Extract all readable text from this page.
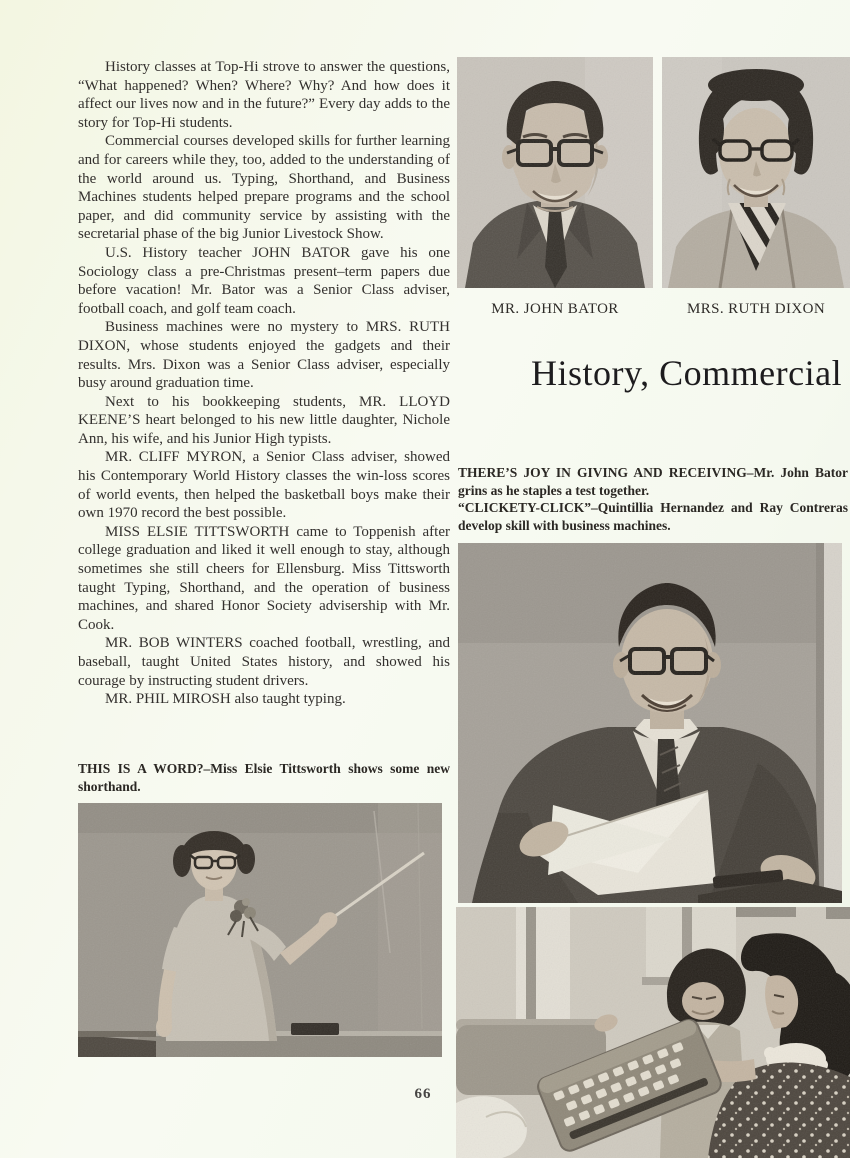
History classes at Top-Hi strove to answer the questions, “What happened? When? Where? Why? And how does it affect our lives now and in the future?” Every day adds to the story for Top-Hi students.

Commercial courses developed skills for further learning and for careers while they, too, added to the understanding of the world around us. Typing, Shorthand, and Business Machines students helped prepare programs and the school paper, and did community service by assisting with the secretarial phase of the big Junior Livestock Show.

U.S. History teacher JOHN BATOR gave his one Sociology class a pre-Christmas present–term papers due before vacation! Mr. Bator was a Senior Class adviser, football coach, and golf team coach.

Business machines were no mystery to MRS. RUTH DIXON, whose students enjoyed the gadgets and their results. Mrs. Dixon was a Senior Class adviser, especially busy around graduation time.

Next to his bookkeeping students, MR. LLOYD KEENE’S heart belonged to his new little daughter, Nichole Ann, his wife, and his Junior High typists.

MR. CLIFF MYRON, a Senior Class adviser, showed his Contemporary World History classes the win-loss scores of world events, then helped the basketball boys make their own 1970 record the best possible.

MISS ELSIE TITTSWORTH came to Toppenish after college graduation and liked it well enough to stay, although sometimes she still cheers for Ellensburg. Miss Tittsworth taught Typing, Shorthand, and the operation of business machines, and shared Honor Society advisership with Mr. Cook.

MR. BOB WINTERS coached football, wrestling, and baseball, taught United States history, and showed his courage by instructing student drivers.

MR. PHIL MIROSH also taught typing.

THIS IS A WORD?–Miss Elsie Tittsworth shows some new shorthand.

MR. JOHN BATOR	MRS. RUTH DIXON
History, Commercial

THERE’S JOY IN GIVING AND RECEIVING–Mr. John Bator grins as he staples a test together.

“CLICKETY-CLICK”–Quintillia Hernandez and Ray Contreras develop skill with business machines.

66
